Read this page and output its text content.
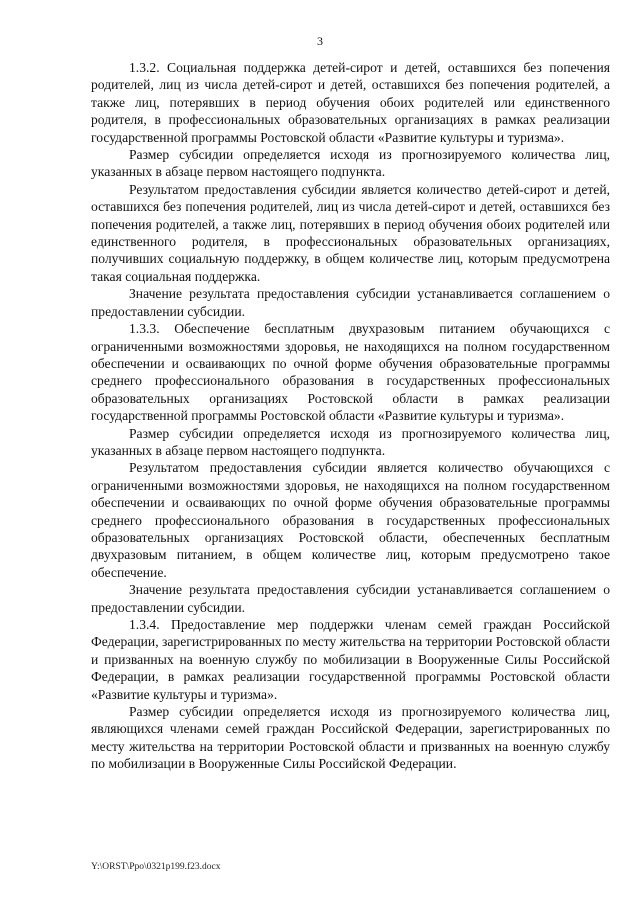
3

1.3.2. Социальная поддержка детей-сирот и детей, оставшихся без попечения родителей, лиц из числа детей-сирот и детей, оставшихся без попечения родителей, а также лиц, потерявших в период обучения обоих родителей или единственного родителя, в профессиональных образовательных организациях в рамках реализации государственной программы Ростовской области «Развитие культуры и туризма».

Размер субсидии определяется исходя из прогнозируемого количества лиц, указанных в абзаце первом настоящего подпункта.

Результатом предоставления субсидии является количество детей-сирот и детей, оставшихся без попечения родителей, лиц из числа детей-сирот и детей, оставшихся без попечения родителей, а также лиц, потерявших в период обучения обоих родителей или единственного родителя, в профессиональных образовательных организациях, получивших социальную поддержку, в общем количестве лиц, которым предусмотрена такая социальная поддержка.

Значение результата предоставления субсидии устанавливается соглашением о предоставлении субсидии.

1.3.3. Обеспечение бесплатным двухразовым питанием обучающихся с ограниченными возможностями здоровья, не находящихся на полном государственном обеспечении и осваивающих по очной форме обучения образовательные программы среднего профессионального образования в государственных профессиональных образовательных организациях Ростовской области в рамках реализации государственной программы Ростовской области «Развитие культуры и туризма».

Размер субсидии определяется исходя из прогнозируемого количества лиц, указанных в абзаце первом настоящего подпункта.

Результатом предоставления субсидии является количество обучающихся с ограниченными возможностями здоровья, не находящихся на полном государственном обеспечении и осваивающих по очной форме обучения образовательные программы среднего профессионального образования в государственных профессиональных образовательных организациях Ростовской области, обеспеченных бесплатным двухразовым питанием, в общем количестве лиц, которым предусмотрено такое обеспечение.

Значение результата предоставления субсидии устанавливается соглашением о предоставлении субсидии.

1.3.4. Предоставление мер поддержки членам семей граждан Российской Федерации, зарегистрированных по месту жительства на территории Ростовской области и призванных на военную службу по мобилизации в Вооруженные Силы Российской Федерации, в рамках реализации государственной программы Ростовской области «Развитие культуры и туризма».

Размер субсидии определяется исходя из прогнозируемого количества лиц, являющихся членами семей граждан Российской Федерации, зарегистрированных по месту жительства на территории Ростовской области и призванных на военную службу по мобилизации в Вооруженные Силы Российской Федерации.

Y:\ORST\Ppo\0321p199.f23.docx
